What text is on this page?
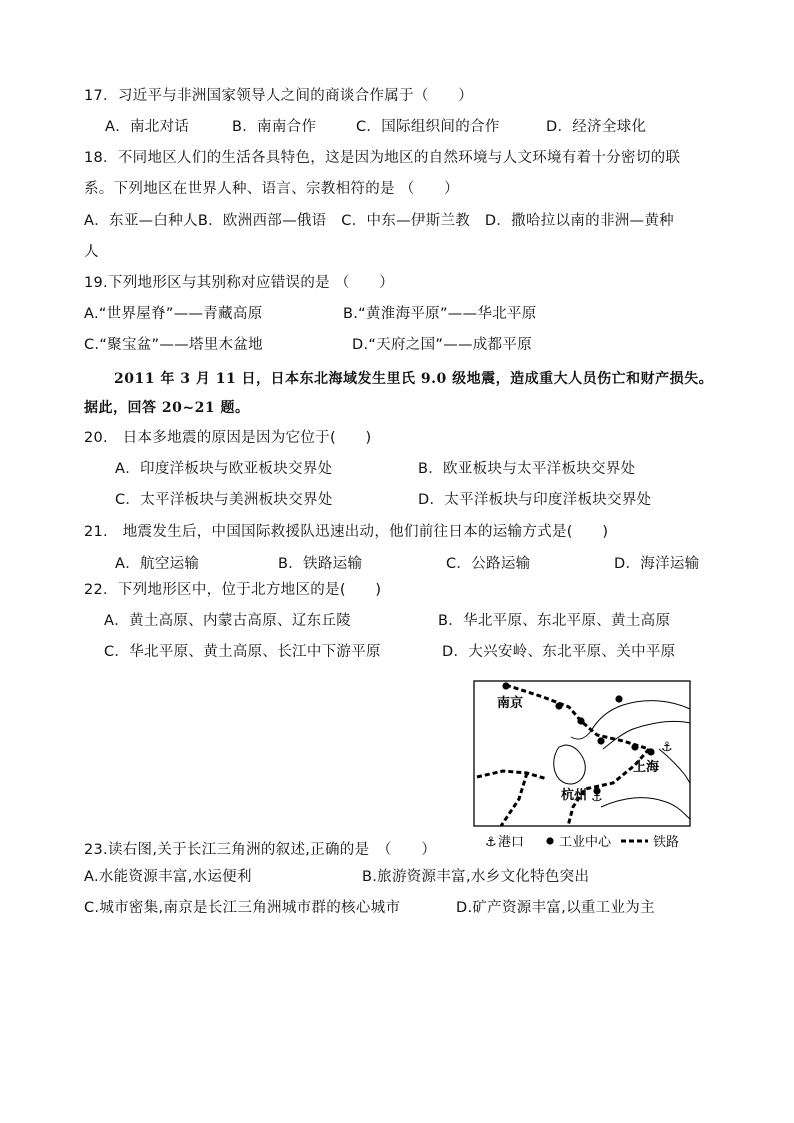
17．习近平与非洲国家领导人之间的商谈合作属于（　　）
A．南北对话	B．南南合作	C．国际组织间的合作	D．经济全球化
18．不同地区人们的生活各具特色，这是因为地区的自然环境与人文环境有着十分密切的联
系。下列地区在世界人种、语言、宗教相符的是 （　　）
A．东亚—白种人B．欧洲西部—俄语　C．中东—伊斯兰教　D．撒哈拉以南的非洲—黄种
人
19.下列地形区与其别称对应错误的是 （　　）
A.“世界屋脊”——青藏高原	B.“黄淮海平原”——华北平原
C.“聚宝盆”——塔里木盆地	D.“天府之国”——成都平原
2011 年 3 月 11 日，日本东北海域发生里氏 9.0 级地震，造成重大人员伤亡和财产损失。
据此，回答 20~21 题。
20.　日本多地震的原因是因为它位于(　　)
A．印度洋板块与欧亚板块交界处	B．欧亚板块与太平洋板块交界处
C．太平洋板块与美洲板块交界处	D．太平洋板块与印度洋板块交界处
21.　地震发生后，中国国际救援队迅速出动，他们前往日本的运输方式是(　　)
A．航空运输	B．铁路运输	C．公路运输	D．海洋运输
22．下列地形区中，位于北方地区的是(　　)
A．黄土高原、内蒙古高原、辽东丘陵	B．华北平原、东北平原、黄土高原
C．华北平原、黄土高原、长江中下游平原	D．大兴安岭、东北平原、关中平原
⚓
⚓
南京
上海
杭州
⚓ 港口	工业中心	铁路
23.读右图,关于长江三角洲的叙述,正确的是　（　　）
A.水能资源丰富,水运便利	B.旅游资源丰富,水乡文化特色突出
C.城市密集,南京是长江三角洲城市群的核心城市	D.矿产资源丰富,以重工业为主
